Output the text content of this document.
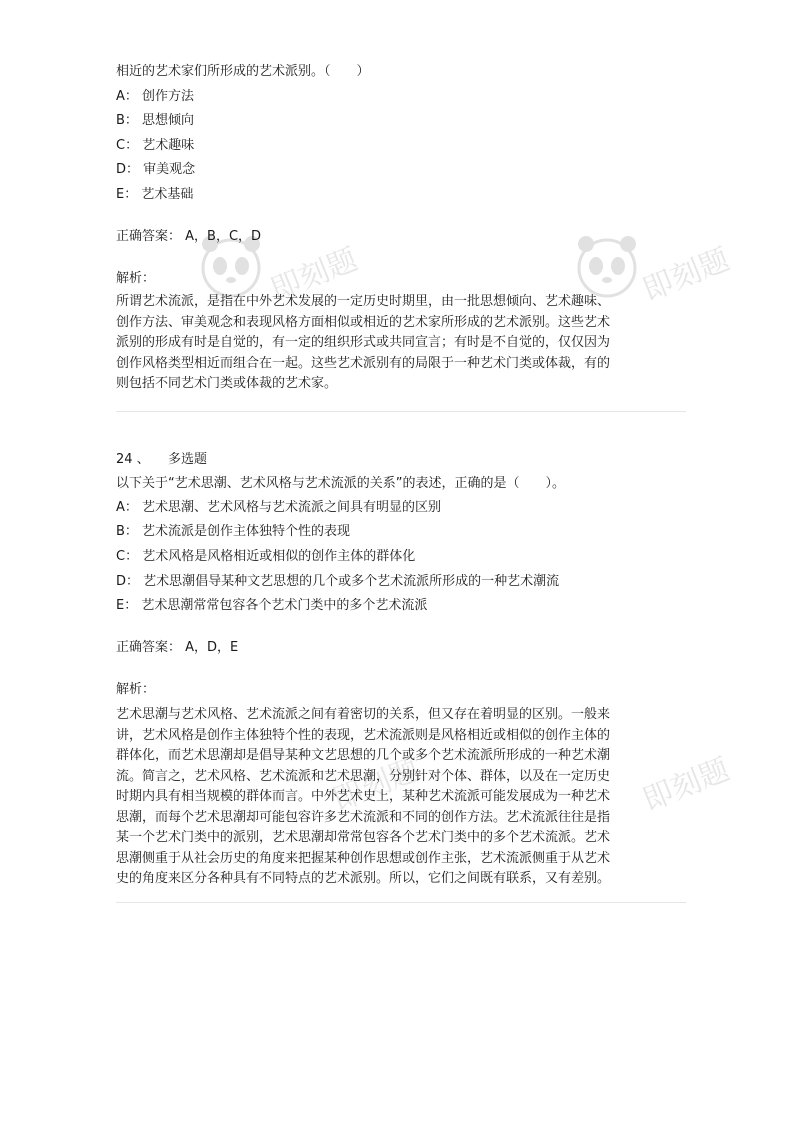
即刻题	即刻题
即刻题	即刻题
相近的艺术家们所形成的艺术派别。（　　）
A： 创作方法
B： 思想倾向
C： 艺术趣味
D： 审美观念
E： 艺术基础
正确答案： A，B，C，D
解析：
所谓艺术流派，是指在中外艺术发展的一定历史时期里，由一批思想倾向、艺术趣味、
创作方法、审美观念和表现风格方面相似或相近的艺术家所形成的艺术派别。这些艺术
派别的形成有时是自觉的，有一定的组织形式或共同宣言；有时是不自觉的，仅仅因为
创作风格类型相近而组合在一起。这些艺术派别有的局限于一种艺术门类或体裁，有的
则包括不同艺术门类或体裁的艺术家。
24 、 多选题
以下关于“艺术思潮、艺术风格与艺术流派的关系”的表述，正确的是（　　）。
A： 艺术思潮、艺术风格与艺术流派之间具有明显的区别
B： 艺术流派是创作主体独特个性的表现
C： 艺术风格是风格相近或相似的创作主体的群体化
D： 艺术思潮倡导某种文艺思想的几个或多个艺术流派所形成的一种艺术潮流
E： 艺术思潮常常包容各个艺术门类中的多个艺术流派
正确答案： A，D，E
解析：
艺术思潮与艺术风格、艺术流派之间有着密切的关系，但又存在着明显的区别。一般来
讲，艺术风格是创作主体独特个性的表现，艺术流派则是风格相近或相似的创作主体的
群体化，而艺术思潮却是倡导某种文艺思想的几个或多个艺术流派所形成的一种艺术潮
流。简言之，艺术风格、艺术流派和艺术思潮，分别针对个体、群体，以及在一定历史
时期内具有相当规模的群体而言。中外艺术史上，某种艺术流派可能发展成为一种艺术
思潮，而每个艺术思潮却可能包容许多艺术流派和不同的创作方法。艺术流派往往是指
某一个艺术门类中的派别，艺术思潮却常常包容各个艺术门类中的多个艺术流派。艺术
思潮侧重于从社会历史的角度来把握某种创作思想或创作主张，艺术流派侧重于从艺术
史的角度来区分各种具有不同特点的艺术派别。所以，它们之间既有联系，又有差别。
